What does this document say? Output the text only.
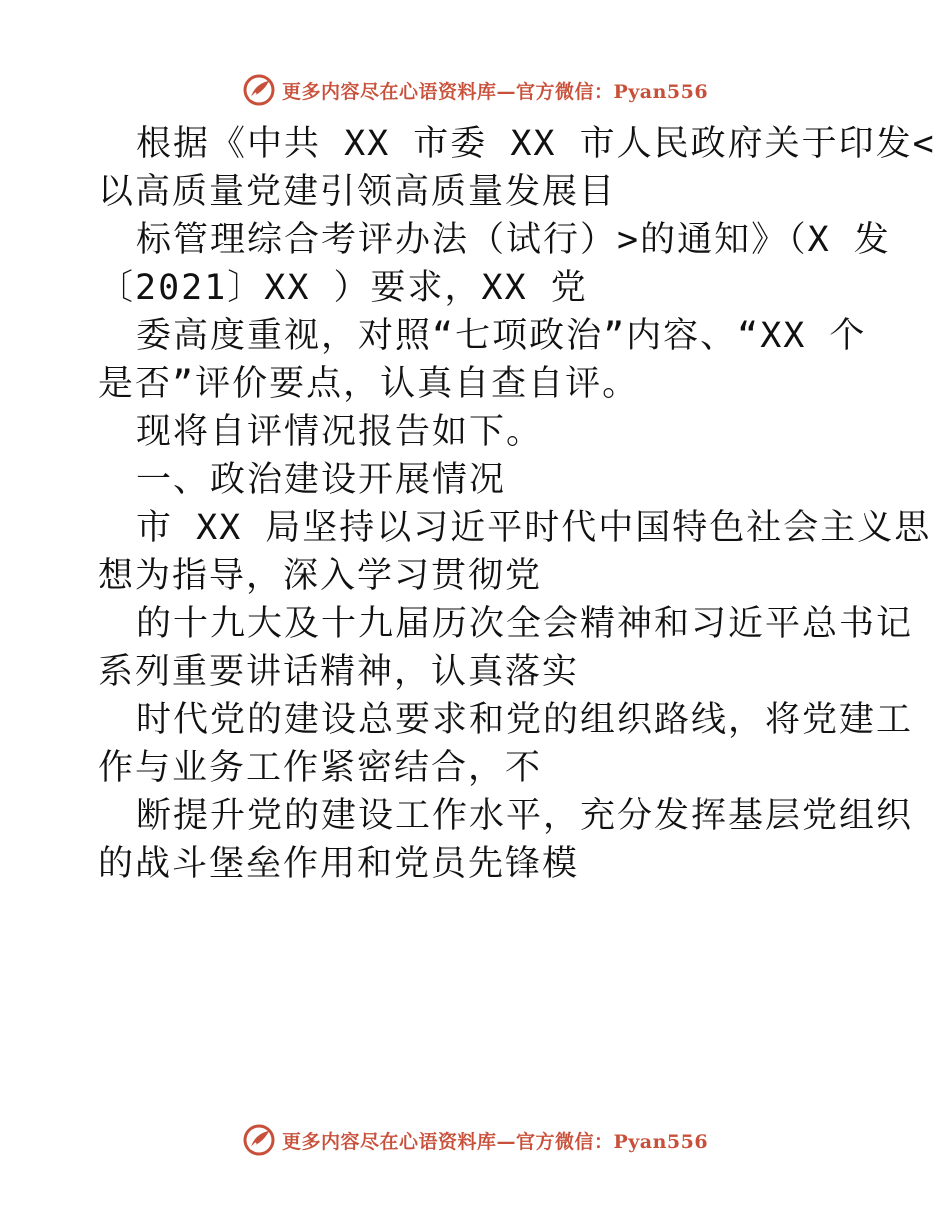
更多内容尽在心语资料库—官方微信：Pyan556
根据《中共 XX 市委 XX 市人民政府关于印发<
以高质量党建引领高质量发展目
标管理综合考评办法（试行）>的通知》（X 发
〔2021〕XX ）要求，XX 党
委高度重视，对照“七项政治”内容、“XX 个
是否”评价要点，认真自查自评。
现将自评情况报告如下。
一、政治建设开展情况
市 XX 局坚持以习近平时代中国特色社会主义思
想为指导，深入学习贯彻党
的十九大及十九届历次全会精神和习近平总书记
系列重要讲话精神，认真落实
时代党的建设总要求和党的组织路线，将党建工
作与业务工作紧密结合，不
断提升党的建设工作水平，充分发挥基层党组织
的战斗堡垒作用和党员先锋模
更多内容尽在心语资料库—官方微信：Pyan556
